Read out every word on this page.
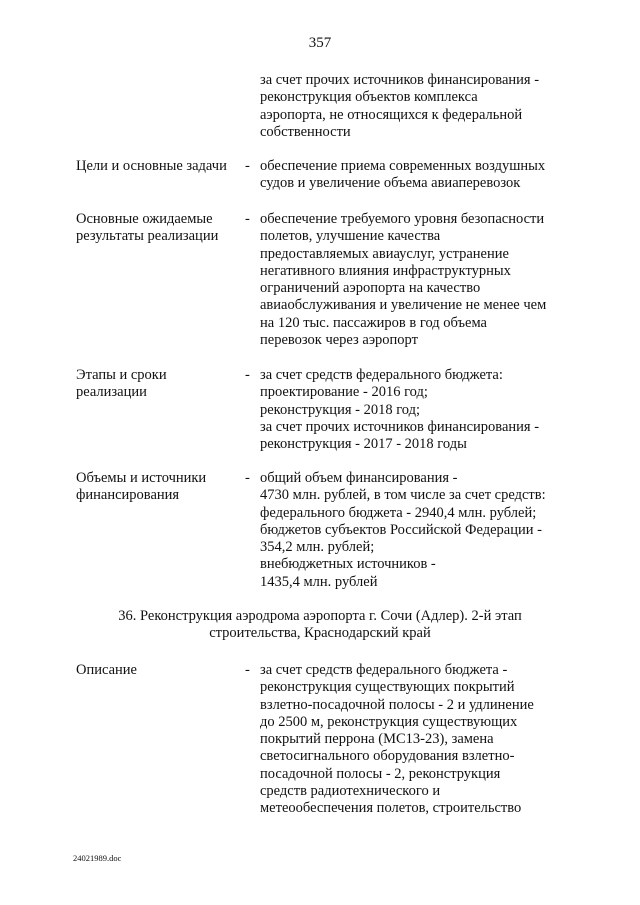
357
за счет прочих источников финансирования -
реконструкция объектов комплекса
аэропорта, не относящихся к федеральной
собственности
Цели и основные задачи	- обеспечение приема современных воздушных
судов и увеличение объема авиаперевозок
Основные ожидаемые
результаты реализации
- обеспечение требуемого уровня безопасности
полетов, улучшение качества
предоставляемых авиауслуг, устранение
негативного влияния инфраструктурных
ограничений аэропорта на качество
авиаобслуживания и увеличение не менее чем
на 120 тыс. пассажиров в год объема
перевозок через аэропорт
Этапы и сроки
реализации
- за счет средств федерального бюджета:
проектирование - 2016 год;
реконструкция - 2018 год;
за счет прочих источников финансирования -
реконструкция - 2017 - 2018 годы
Объемы и источники
финансирования
- общий объем финансирования -
4730 млн. рублей, в том числе за счет средств:
федерального бюджета - 2940,4 млн. рублей;
бюджетов субъектов Российской Федерации -
354,2 млн. рублей;
внебюджетных источников -
1435,4 млн. рублей
36. Реконструкция аэродрома аэропорта г. Сочи (Адлер). 2-й этап
строительства, Краснодарский край
Описание	- за счет средств федерального бюджета -
реконструкция существующих покрытий
взлетно-посадочной полосы - 2 и удлинение
до 2500 м, реконструкция существующих
покрытий перрона (МС13-23), замена
светосигнального оборудования взлетно-
посадочной полосы - 2, реконструкция
средств радиотехнического и
метеообеспечения полетов, строительство
24021989.doc
